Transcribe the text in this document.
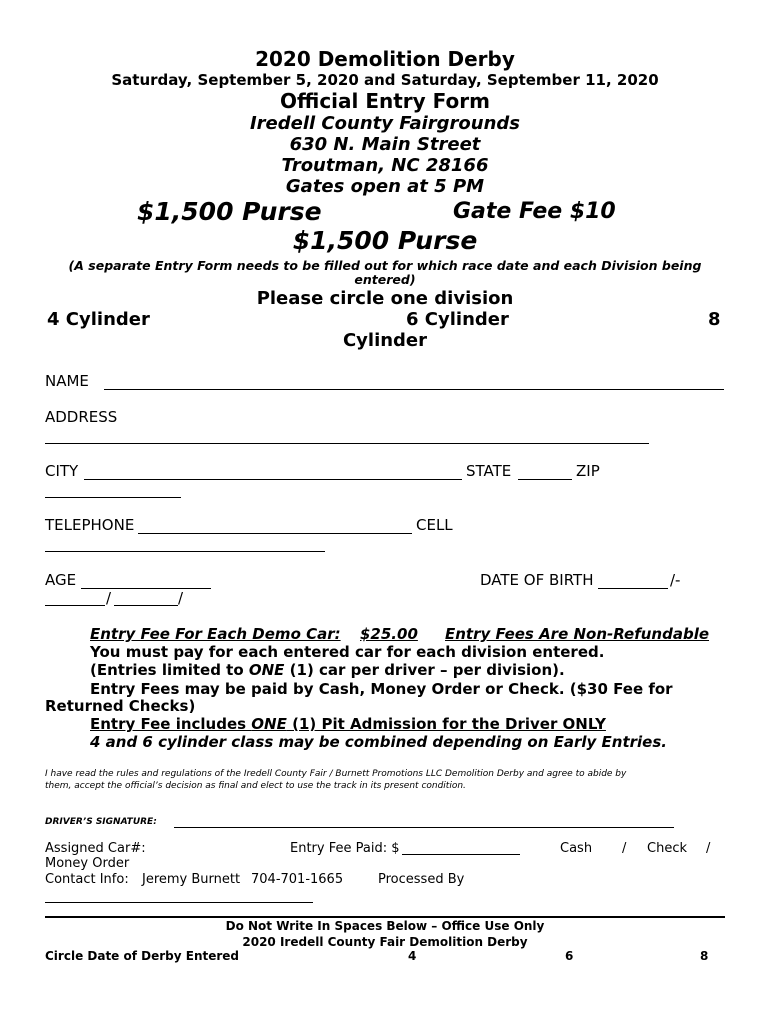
2020 Demolition Derby
Saturday, September 5, 2020 and Saturday, September 11, 2020
Official Entry Form
Iredell County Fairgrounds
630 N. Main Street
Troutman, NC 28166
Gates open at 5 PM
$1,500 Purse	Gate Fee $10
$1,500 Purse
(A separate Entry Form needs to be filled out for which race date and each Division being
entered)
Please circle one division
4 Cylinder	6 Cylinder	8
Cylinder
NAME
ADDRESS
CITY	STATE	ZIP
TELEPHONE	CELL
AGE	DATE OF BIRTH	/-
/	/
Entry Fee For Each Demo Car: $25.00 Entry Fees Are Non-Refundable
You must pay for each entered car for each division entered.
(Entries limited to ONE (1) car per driver – per division).
Entry Fees may be paid by Cash, Money Order or Check. ($30 Fee for
Returned Checks)
Entry Fee includes ONE (1) Pit Admission for the Driver ONLY
4 and 6 cylinder class may be combined depending on Early Entries.
I have read the rules and regulations of the Iredell County Fair / Burnett Promotions LLC Demolition Derby and agree to abide by
them, accept the official’s decision as final and elect to use the track in its present condition.
DRIVER’S SIGNATURE:
Assigned Car#:	Entry Fee Paid: $	Cash / Check /
Money Order
Contact Info: Jeremy Burnett 704-701-1665	Processed By
Do Not Write In Spaces Below – Office Use Only
2020 Iredell County Fair Demolition Derby
Circle Date of Derby Entered	4	6	8
